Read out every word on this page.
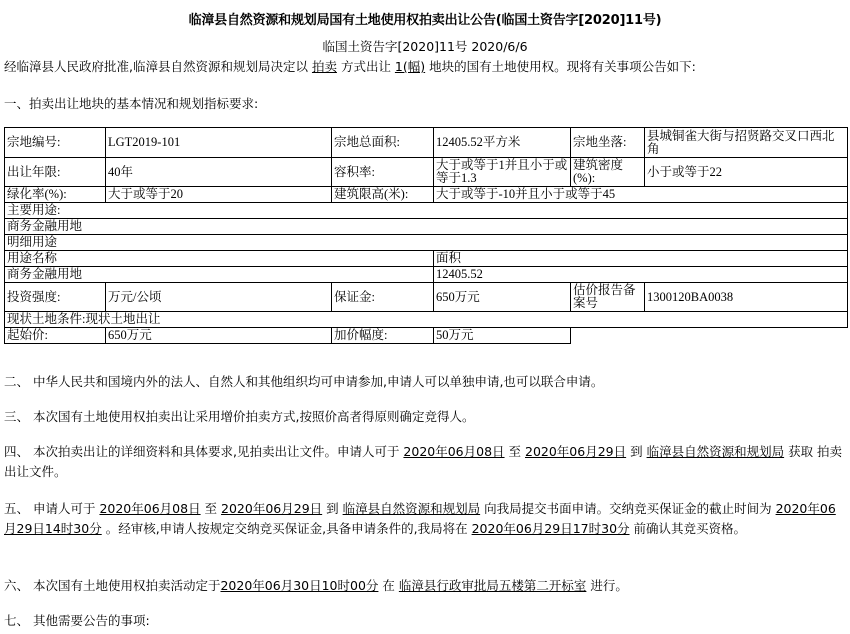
临漳县自然资源和规划局国有土地使用权拍卖出让公告(临国土资告字[2020]11号)
临国土资告字[2020]11号 2020/6/6
经临漳县人民政府批准,临漳县自然资源和规划局决定以 拍卖 方式出让 1(幅) 地块的国有土地使用权。现将有关事项公告如下:
一、拍卖出让地块的基本情况和规划指标要求:
宗地编号:	LGT2019-101	宗地总面积:	12405.52平方米	宗地坐落:	县城铜雀大街与招贤路交叉口西北角
出让年限:	40年	容积率:	大于或等于1并且小于或等于1.3	建筑密度(%):	小于或等于22
绿化率(%):	大于或等于20	建筑限高(米):	大于或等于-10并且小于或等于45		
主要用途:					
商务金融用地					
明细用途					
用途名称			面积		
商务金融用地			12405.52		
投资强度:	万元/公顷	保证金:	650万元	估价报告备案号	1300120BA0038
现状土地条件:现状土地出让					
起始价:	650万元	加价幅度:	50万元		
二、 中华人民共和国境内外的法人、自然人和其他组织均可申请参加,申请人可以单独申请,也可以联合申请。
三、 本次国有土地使用权拍卖出让采用增价拍卖方式,按照价高者得原则确定竞得人。
四、 本次拍卖出让的详细资料和具体要求,见拍卖出让文件。申请人可于 2020年06月08日 至 2020年06月29日 到 临漳县自然资源和规划局 获取 拍卖 出让文件。
五、 申请人可于 2020年06月08日 至 2020年06月29日 到 临漳县自然资源和规划局 向我局提交书面申请。交纳竞买保证金的截止时间为 2020年06月29日14时30分 。经审核,申请人按规定交纳竞买保证金,具备申请条件的,我局将在 2020年06月29日17时30分 前确认其竞买资格。
六、 本次国有土地使用权拍卖活动定于2020年06月30日10时00分 在 临漳县行政审批局五楼第二开标室 进行。
七、 其他需要公告的事项:
